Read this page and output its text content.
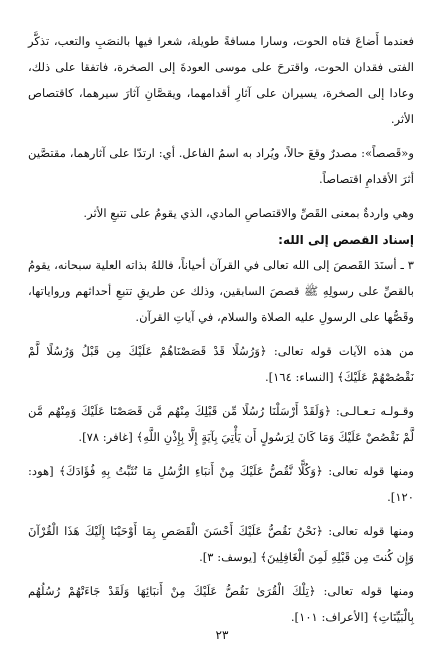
فعندما أَضاعَ فتاه الحوت، وسارا مسافةً طويلة، شعرا فيها بالنصَبِ والتعب، تذكَّر الفتى فقدان الحوت، واقترحَ على موسى العودةَ إلى الصخرة، فاتفقا على ذلك، وعادا إلى الصخرة، يسيران على آثارِ أقدامهما، ويقصَّانِ آثارَ سيرهما، كاقتصاص الأثر.

و«قَصصاً»: مصدرٌ وقعَ حالاً، ويُراد به اسمُ الفاعل. أي: ارتدّا على آثارهما، مقتصَّين أثرَ الأقدامِ اقتصاصاً.

وهي واردةٌ بمعنى القَصِّ والاقتصاصِ المادي، الذي يقومُ على تتبعِ الأثر.

إسناد القصص إلى الله:

٣ ـ أسنَدَ القَصصَ إلى الله تعالى في القرآن أحياناً، فاللهُ بذاته العلية سبحانه، يقومُ بالقصِّ على رسولِهِ ﷺ قصصَ السابقين، وذلك عن طريقِ تتبعِ أحداثهم ورواياتها، وقَصُّها على الرسولِ عليه الصلاة والسلام، في آياتِ القرآن.

من هذه الآيات قوله تعالى: ﴿وَرُسُلًا قَدْ قَصَصْنَاهُمْ عَلَيْكَ مِن قَبْلُ وَرُسُلًا لَّمْ نَقْصُصْهُمْ عَلَيْكَ﴾ [النساء: ١٦٤].

وقـولـه تـعـالـى: ﴿وَلَقَدْ أَرْسَلْنَا رُسُلًا مِّن قَبْلِكَ مِنْهُم مَّن قَصَصْنَا عَلَيْكَ وَمِنْهُم مَّن لَّمْ نَقْصُصْ عَلَيْكَ وَمَا كَانَ لِرَسُولٍ أَن يَأْتِيَ بِآيَةٍ إِلَّا بِإِذْنِ اللَّهِ﴾ [غافر: ٧٨].

ومنها قوله تعالى: ﴿وَكُلًّا نَّقُصُّ عَلَيْكَ مِنْ أَنبَاءِ الرُّسُلِ مَا نُثَبِّتُ بِهِ فُؤَادَكَ﴾ [هود: ١٢٠].

ومنها قوله تعالى: ﴿نَحْنُ نَقُصُّ عَلَيْكَ أَحْسَنَ الْقَصَصِ بِمَا أَوْحَيْنَا إِلَيْكَ هَذَا الْقُرْآنَ وَإِن كُنتَ مِن قَبْلِهِ لَمِنَ الْغَافِلِينَ﴾ [يوسف: ٣].

ومنها قوله تعالى: ﴿تِلْكَ الْقُرَىٰ نَقُصُّ عَلَيْكَ مِنْ أَنبَائِهَا وَلَقَدْ جَاءَتْهُمْ رُسُلُهُم بِالْبَيِّنَاتِ﴾ [الأعراف: ١٠١].

٢٣
